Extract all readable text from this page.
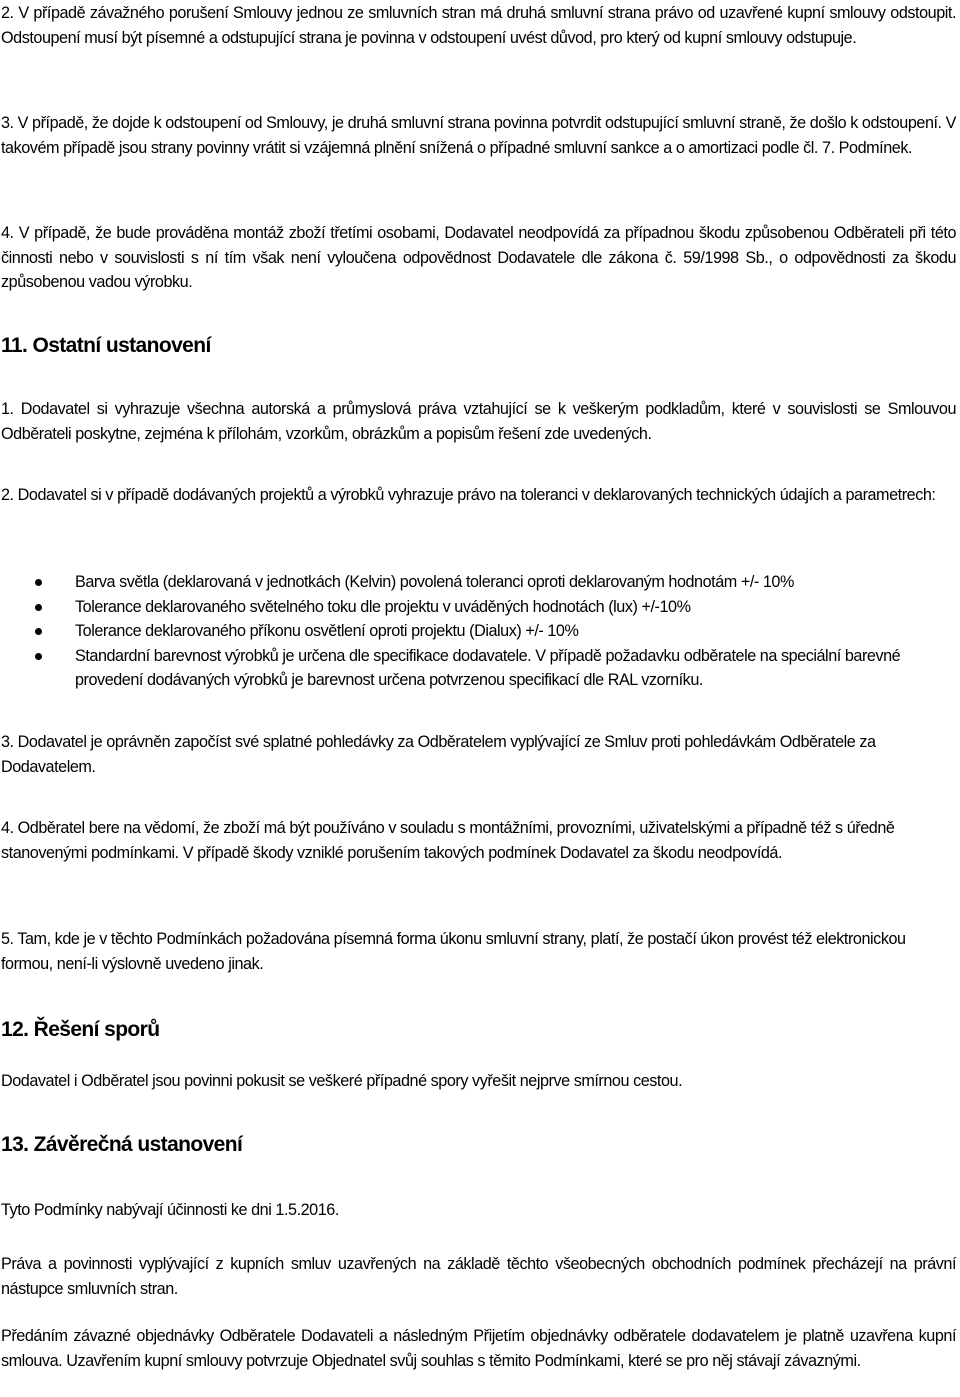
2. V případě závažného porušení Smlouvy jednou ze smluvních stran má druhá smluvní strana právo od uzavřené kupní smlouvy odstoupit. Odstoupení musí být písemné a odstupující strana je povinna v odstoupení uvést důvod, pro který od kupní smlouvy odstupuje.

3. V případě, že dojde k odstoupení od Smlouvy, je druhá smluvní strana povinna potvrdit odstupující smluvní straně, že došlo k odstoupení. V takovém případě jsou strany povinny vrátit si vzájemná plnění snížená o případné smluvní sankce a o amortizaci podle čl. 7. Podmínek.

4. V případě, že bude prováděna montáž zboží třetími osobami, Dodavatel neodpovídá za případnou škodu způsobenou Odběrateli při této činnosti nebo v souvislosti s ní tím však není vyloučena odpovědnost Dodavatele dle zákona č. 59/1998 Sb., o odpovědnosti za škodu způsobenou vadou výrobku.

11. Ostatní ustanovení

1. Dodavatel si vyhrazuje všechna autorská a průmyslová práva vztahující se k veškerým podkladům, které v souvislosti se Smlouvou Odběrateli poskytne, zejména k přílohám, vzorkům, obrázkům a popisům řešení zde uvedených.

2. Dodavatel si v případě dodávaných projektů a výrobků vyhrazuje právo na toleranci v deklarovaných technických údajích a parametrech:

Barva světla (deklarovaná v jednotkách (Kelvin) povolená toleranci oproti deklarovaným hodnotám +/- 10%
Tolerance deklarovaného světelného toku dle projektu v uváděných hodnotách (lux) +/-10%
Tolerance deklarovaného příkonu osvětlení oproti projektu (Dialux) +/- 10%
Standardní barevnost výrobků je určena dle specifikace dodavatele. V případě požadavku odběratele na speciální barevné provedení dodávaných výrobků je barevnost určena potvrzenou specifikací dle RAL vzorníku.

3. Dodavatel je oprávněn započíst své splatné pohledávky za Odběratelem vyplývající ze Smluv proti pohledávkám Odběratele za Dodavatelem.

4. Odběratel bere na vědomí, že zboží má být používáno v souladu s montážními, provozními, uživatelskými a případně též s úředně stanovenými podmínkami. V případě škody vzniklé porušením takových podmínek Dodavatel za škodu neodpovídá.

5. Tam, kde je v těchto Podmínkách požadována písemná forma úkonu smluvní strany, platí, že postačí úkon provést též elektronickou formou, není-li výslovně uvedeno jinak.

12. Řešení sporů

Dodavatel i Odběratel jsou povinni pokusit se veškeré případné spory vyřešit nejprve smírnou cestou.

13. Závěrečná ustanovení

Tyto Podmínky nabývají účinnosti ke dni 1.5.2016.

Práva a povinnosti vyplývající z kupních smluv uzavřených na základě těchto všeobecných obchodních podmínek přecházejí na právní nástupce smluvních stran.

Předáním závazné objednávky Odběratele Dodavateli a následným Přijetím objednávky odběratele dodavatelem je platně uzavřena kupní smlouva. Uzavřením kupní smlouvy potvrzuje Objednatel svůj souhlas s těmito Podmínkami, které se pro něj stávají závaznými.
